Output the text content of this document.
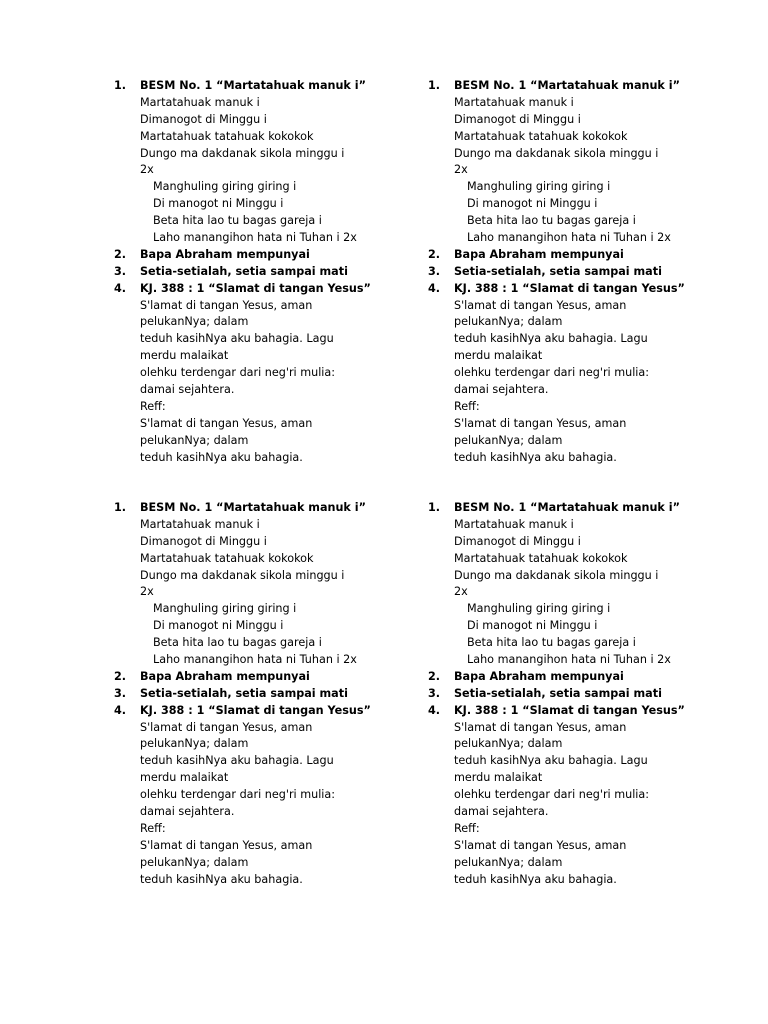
1. BESM No. 1 “Martatahuak manuk i”
Martatahuak manuk i
Dimanogot di Minggu i
Martatahuak tatahuak kokokok
Dungo ma dakdanak sikola minggu i
2x
Manghuling giring giring i
Di manogot ni Minggu i
Beta hita lao tu bagas gareja i
Laho manangihon hata ni Tuhan i 2x
2. Bapa Abraham mempunyai
3. Setia-setialah, setia sampai mati
4. KJ. 388 : 1 “Slamat di tangan Yesus”
S'lamat di tangan Yesus, aman
pelukanNya; dalam
teduh kasihNya aku bahagia. Lagu
merdu malaikat
olehku terdengar dari neg'ri mulia:
damai sejahtera.
Reff:
S'lamat di tangan Yesus, aman
pelukanNya; dalam
teduh kasihNya aku bahagia.
1. BESM No. 1 “Martatahuak manuk i”
Martatahuak manuk i
Dimanogot di Minggu i
Martatahuak tatahuak kokokok
Dungo ma dakdanak sikola minggu i
2x
Manghuling giring giring i
Di manogot ni Minggu i
Beta hita lao tu bagas gareja i
Laho manangihon hata ni Tuhan i 2x
2. Bapa Abraham mempunyai
3. Setia-setialah, setia sampai mati
4. KJ. 388 : 1 “Slamat di tangan Yesus”
S'lamat di tangan Yesus, aman
pelukanNya; dalam
teduh kasihNya aku bahagia. Lagu
merdu malaikat
olehku terdengar dari neg'ri mulia:
damai sejahtera.
Reff:
S'lamat di tangan Yesus, aman
pelukanNya; dalam
teduh kasihNya aku bahagia.
1. BESM No. 1 “Martatahuak manuk i”
Martatahuak manuk i
Dimanogot di Minggu i
Martatahuak tatahuak kokokok
Dungo ma dakdanak sikola minggu i
2x
Manghuling giring giring i
Di manogot ni Minggu i
Beta hita lao tu bagas gareja i
Laho manangihon hata ni Tuhan i 2x
2. Bapa Abraham mempunyai
3. Setia-setialah, setia sampai mati
4. KJ. 388 : 1 “Slamat di tangan Yesus”
S'lamat di tangan Yesus, aman
pelukanNya; dalam
teduh kasihNya aku bahagia. Lagu
merdu malaikat
olehku terdengar dari neg'ri mulia:
damai sejahtera.
Reff:
S'lamat di tangan Yesus, aman
pelukanNya; dalam
teduh kasihNya aku bahagia.
1. BESM No. 1 “Martatahuak manuk i”
Martatahuak manuk i
Dimanogot di Minggu i
Martatahuak tatahuak kokokok
Dungo ma dakdanak sikola minggu i
2x
Manghuling giring giring i
Di manogot ni Minggu i
Beta hita lao tu bagas gareja i
Laho manangihon hata ni Tuhan i 2x
2. Bapa Abraham mempunyai
3. Setia-setialah, setia sampai mati
4. KJ. 388 : 1 “Slamat di tangan Yesus”
S'lamat di tangan Yesus, aman
pelukanNya; dalam
teduh kasihNya aku bahagia. Lagu
merdu malaikat
olehku terdengar dari neg'ri mulia:
damai sejahtera.
Reff:
S'lamat di tangan Yesus, aman
pelukanNya; dalam
teduh kasihNya aku bahagia.
